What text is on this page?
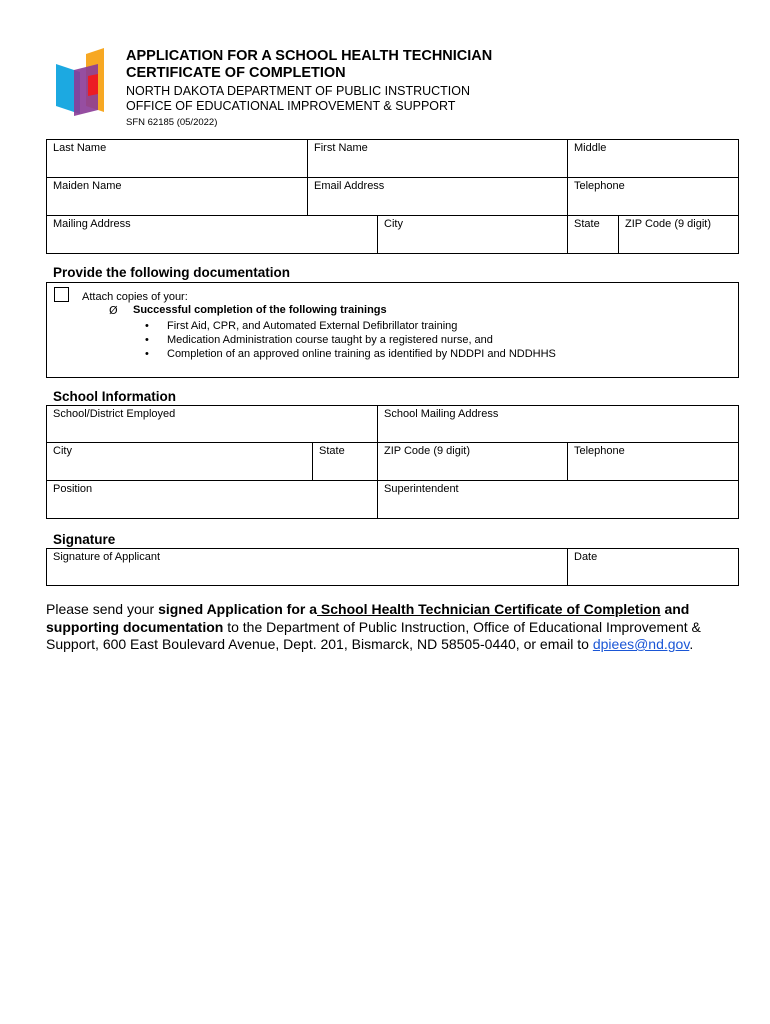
APPLICATION FOR A SCHOOL HEALTH TECHNICIAN
CERTIFICATE OF COMPLETION
NORTH DAKOTA DEPARTMENT OF PUBLIC INSTRUCTION
OFFICE OF EDUCATIONAL IMPROVEMENT & SUPPORT
SFN 62185 (05/2022)
Last Name	First Name	Middle
Maiden Name	Email Address	Telephone
Mailing Address	City	State	ZIP Code (9 digit)
Provide the following documentation
Attach copies of your:
Ø Successful completion of the following trainings
• First Aid, CPR, and Automated External Defibrillator training
• Medication Administration course taught by a registered nurse, and
• Completion of an approved online training as identified by NDDPI and NDDHHS
School Information
School/District Employed	School Mailing Address
City	State	ZIP Code (9 digit)	Telephone
Position	Superintendent
Signature
Signature of Applicant	Date
Please send your signed Application for a School Health Technician Certificate of Completion and supporting documentation to the Department of Public Instruction, Office of Educational Improvement & Support, 600 East Boulevard Avenue, Dept. 201, Bismarck, ND 58505-0440, or email to dpiees@nd.gov.
